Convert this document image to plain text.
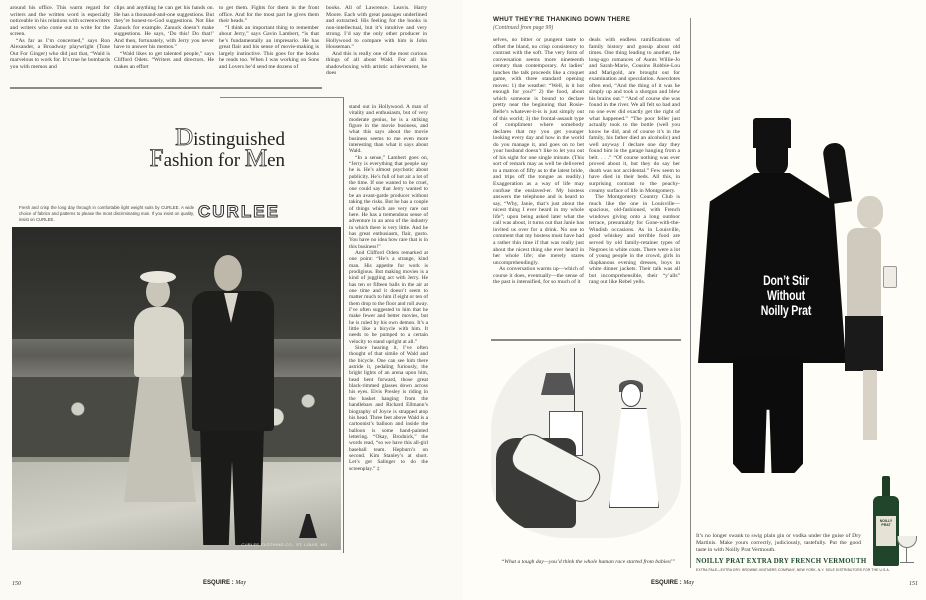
around his office. This warm regard for writers and the written word is especially noticeable in his relations with screenwriters and writers who come out to write for the screen.

“As far as I’m concerned,” says Ron Alexander, a Broadway playwright (Tune Out For Ginger) who did just that, “Wald is marvelous to work for. It’s true he bombards you with memos and

clips and anything he can get his hands on. He has a thousand-and-one suggestions. But they’re honest-to-God suggestions. Not like Zanuck for example. Zanuck doesn’t make suggestions. He says, ‘Do this! Do that!’ And then, fortunately, with Jerry you never have to answer his memos.”

“Wald likes to get talented people,” says Clifford Odets. “Writers and directors. He makes an effort

to get them. Fights for them in the front office. And for the most part he gives them their heads.”

“I think an important thing to remember about Jerry,” says Gavin Lambert, “is that he’s fundamentally an impresario. He has great flair and his sense of movie-making is largely instinctive. This goes for the books he reads too. When I was working on Sons and Lovers he’d send me dozens of

books. All of Lawrence. Leavis. Harry Moore. Each with great passages underlined and extracted. His feeling for the books is non-intellectual, but it’s intuitive and very strong. I’d say the only other producer in Hollywood to compare with him is John Houseman.”

And this is really one of the most curious things of all about Wald. For all his shadowboxing with artistic achievement, he does

stand out in Hollywood. A man of vitality and enthusiasm, but of very moderate genius, he is a striking figure in the movie business, and what this says about the movie business seems to me even more interesting than what it says about Wald.

“In a sense,” Lambert goes on, “Jerry is everything that people say he is. He’s almost psychotic about publicity. He’s full of hot air a lot of the time. If one wanted to be cruel, one could say that Jerry wanted to be an avant-garde producer without taking the risks. But he has a couple of things which are very rare out here. He has a tremendous sense of adventure in an area of the industry in which there is very little. And he has great enthusiasm, flair, gusto. You have no idea how rare that is in this business!”

And Clifford Odets remarked at one point: “He’s a strange, kind man. His appetite for work is prodigious. But making movies is a kind of juggling act with Jerry. He has ten or fifteen balls in the air at one time and it doesn’t seem to matter much to him if eight or ten of them drop to the floor and roll away. I’ve often suggested to him that he make fewer and better movies, but he is ruled by his own demon. It’s a little like a bicycle with him. It needs to be pumped to a certain velocity to stand upright at all.”

Since hearing it, I’ve often thought of that simile of Wald and the bicycle. One can see him there astride it, pedaling furiously, the bright lights of an arena upon him, head bent forward, those great black-rimmed glasses down across his eyes. Elvis Presley is riding in the basket hanging from the handlebars and Richard Ellmann’s biography of Joyce is strapped atop his head. Three feet above Wald is a cartoonist’s balloon and inside the balloon is some hand-painted lettering. “Okay, Brodnick,” the words read, “so we have this all-girl baseball team. Hepburn’s on second. Kim Stanley’s at short. Let’s get Salinger to do the screenplay.” ‡

Distinguished
Fashion for Men
Fresh and crisp the long day through in comfortable light weight suits by CURLEE. A wide choice of fabrics and patterns to please the most discriminating man. If you insist on quality, insist on CURLEE.	CURLEE
CURLEE CLOTHING CO., ST. LOUIS, MO.
150	ESQUIRE : May
WHUT THEY’RE THANKING DOWN THERE
(Continued from page 99)

selves, no bitter or pungent taste to offset the bland, no crisp consistency to contrast with the soft. The very form of conversation seems more nineteenth century than contemporary. At ladies’ lunches the talk proceeds like a croquet game, with three standard opening moves: 1) the weather: “Well, is it hot enough for you?” 2) the food, about which someone is bound to declare pretty near the beginning that Rosie-Belle’s whatever-it-is is just simply out of this world; 3) the frontal-assault type of compliment where somebody declares that my you get younger looking every day and how in the world do you manage it, and goes on to bet your husband doesn’t like to let you out of his sight for one single minute. (This sort of remark may as well be delivered to a matron of fifty as to the latest bride, and trips off the tongue as readily.) Exaggeration as a way of life may confuse the enslaved-er. My hostess answers the telephone and is heard to say, “Why, Janie, that’s just about the nicest thing I ever heard in my whole life”; upon being asked later what the call was about, it turns out that Janie has invited us over for a drink. No use to comment that my hostess must have had a rather thin time if that was really just about the nicest thing she ever heard in her whole life; she merely stares uncomprehendingly.

As conversation warms up—which of course it does, eventually—the sense of the past is intensified, for so much of it

deals with endless ramifications of family history and gossip about old times. One thing leading to another, the long-ago romances of Aunts Willie-Jo and Sarah-Marie, Cousins Robbie-Lou and Marigold, are brought out for examination and speculation. Anecdotes often end, “And the thing of it was he simply up and took a shotgun and blew his brains out.” “And of course she was found in the river. We all felt so bad and no one ever did exactly get the right of what happened.” “The poor feller just actually took to the bottle (well you know he did, and of course it’s in the family, his father died an alcoholic) and well anyway I declare one day they found him in the garage hanging from a belt. . . .” “Of course nothing was ever proved about it, but they do say her death was not accidental.” Few seem to have died in their beds. All this, in surprising contrast to the peachy-creamy surface of life in Montgomery.

The Montgomery Country Club is much like the one in Louisville—spacious, old-fashioned, with French windows giving onto a long outdoor terrace, presumably for Gone-with-the-Windish occasions. As in Louisville, good whiskey and terrible food are served by old family-retainer types of Negroes in white coats. There were a lot of young people in the crowd, girls in diaphanous evening dresses, boys in white dinner jackets. Their talk was all but incomprehensible, their “y’alls” rang out like Rebel yells.

“What a tough day—you’d think the whole human race started from babies!”
Don’t Stir
Without
Noilly Prat
NOILLY PRAT
It’s no longer swank to swig plain gin or vodka under the guise of Dry Martinis. Make yours correctly, judiciously, tastefully. Put the good taste in with Noilly Prat Vermouth.
NOILLY PRAT EXTRA DRY FRENCH VERMOUTH
EXTRA PALE—EXTRA DRY. BROWNE-VINTNERS COMPANY, NEW YORK, N.Y. SOLE DISTRIBUTORS FOR THE U.S.A.
ESQUIRE : May	151
